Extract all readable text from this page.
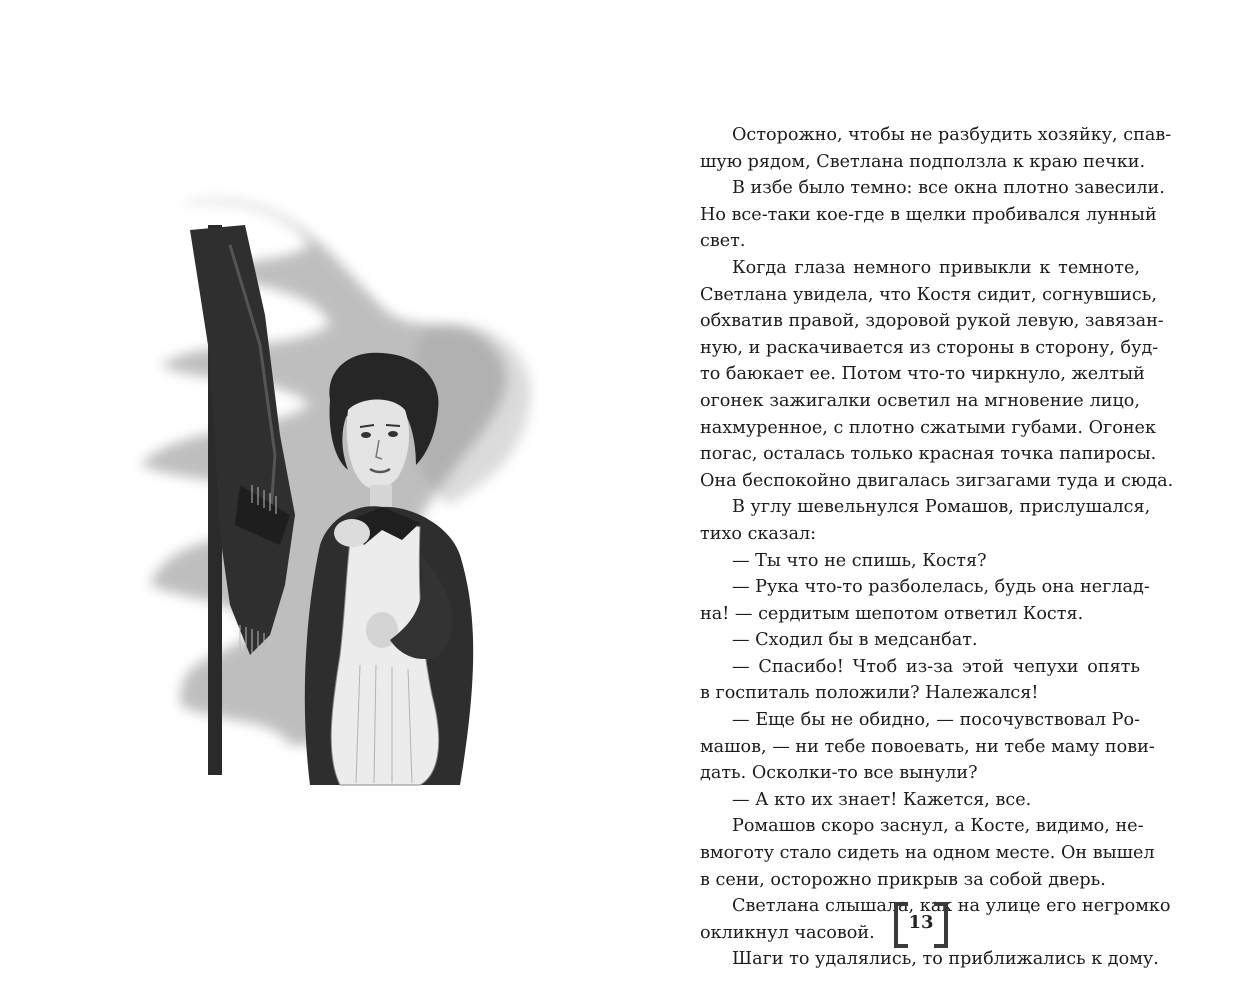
Осторожно, чтобы не разбудить хозяйку, спав-
шую рядом, Светлана подползла к краю печки.
В избе было темно: все окна плотно завесили.
Но все-таки кое-где в щелки пробивался лунный
свет.
Когда глаза немного привыкли к темноте,
Светлана увидела, что Костя сидит, согнувшись,
обхватив правой, здоровой рукой левую, завязан-
ную, и раскачивается из стороны в сторону, буд-
то баюкает ее. Потом что-то чиркнуло, желтый
огонек зажигалки осветил на мгновение лицо,
нахмуренное, с плотно сжатыми губами. Огонек
погас, осталась только красная точка папиросы.
Она беспокойно двигалась зигзагами туда и сюда.
В углу шевельнулся Ромашов, прислушался,
тихо сказал:
— Ты что не спишь, Костя?
— Рука что-то разболелась, будь она неглад-
на! — сердитым шепотом ответил Костя.
— Сходил бы в медсанбат.
— Спасибо! Чтоб из-за этой чепухи опять
в госпиталь положили? Належался!
— Еще бы не обидно, — посочувствовал Ро-
машов, — ни тебе повоевать, ни тебе маму пови-
дать. Осколки-то все вынули?
— А кто их знает! Кажется, все.
Ромашов скоро заснул, а Косте, видимо, не-
вмоготу стало сидеть на одном месте. Он вышел
в сени, осторожно прикрыв за собой дверь.
Светлана слышала, как на улице его негромко
окликнул часовой.
Шаги то удалялись, то приближались к дому.
13
